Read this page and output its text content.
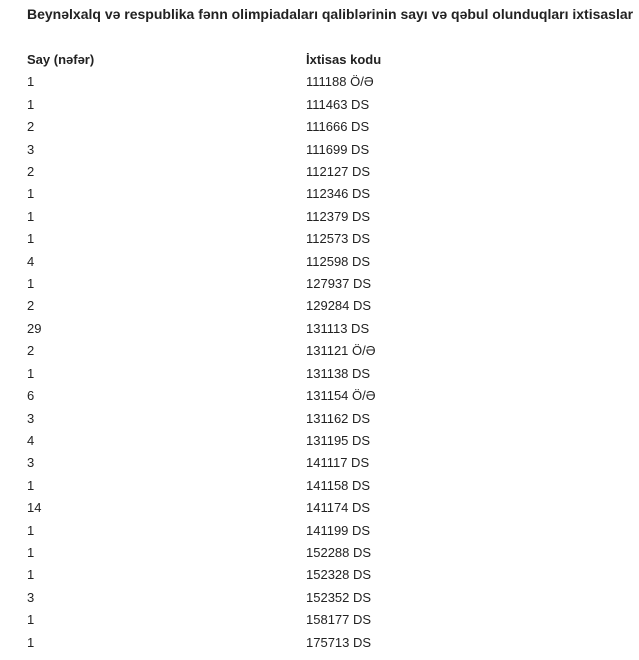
Beynəlxalq və respublika fənn olimpiadaları qaliblərinin sayı və qəbul olunduqları ixtisaslar
Say (nəfər)	İxtisas kodu
1	111188 Ö/Ə
1	111463 DS
2	111666 DS
3	111699 DS
2	112127 DS
1	112346 DS
1	112379 DS
1	112573 DS
4	112598 DS
1	127937 DS
2	129284 DS
29	131113 DS
2	131121 Ö/Ə
1	131138 DS
6	131154 Ö/Ə
3	131162 DS
4	131195 DS
3	141117 DS
1	141158 DS
14	141174 DS
1	141199 DS
1	152288 DS
1	152328 DS
3	152352 DS
1	158177 DS
1	175713 DS
